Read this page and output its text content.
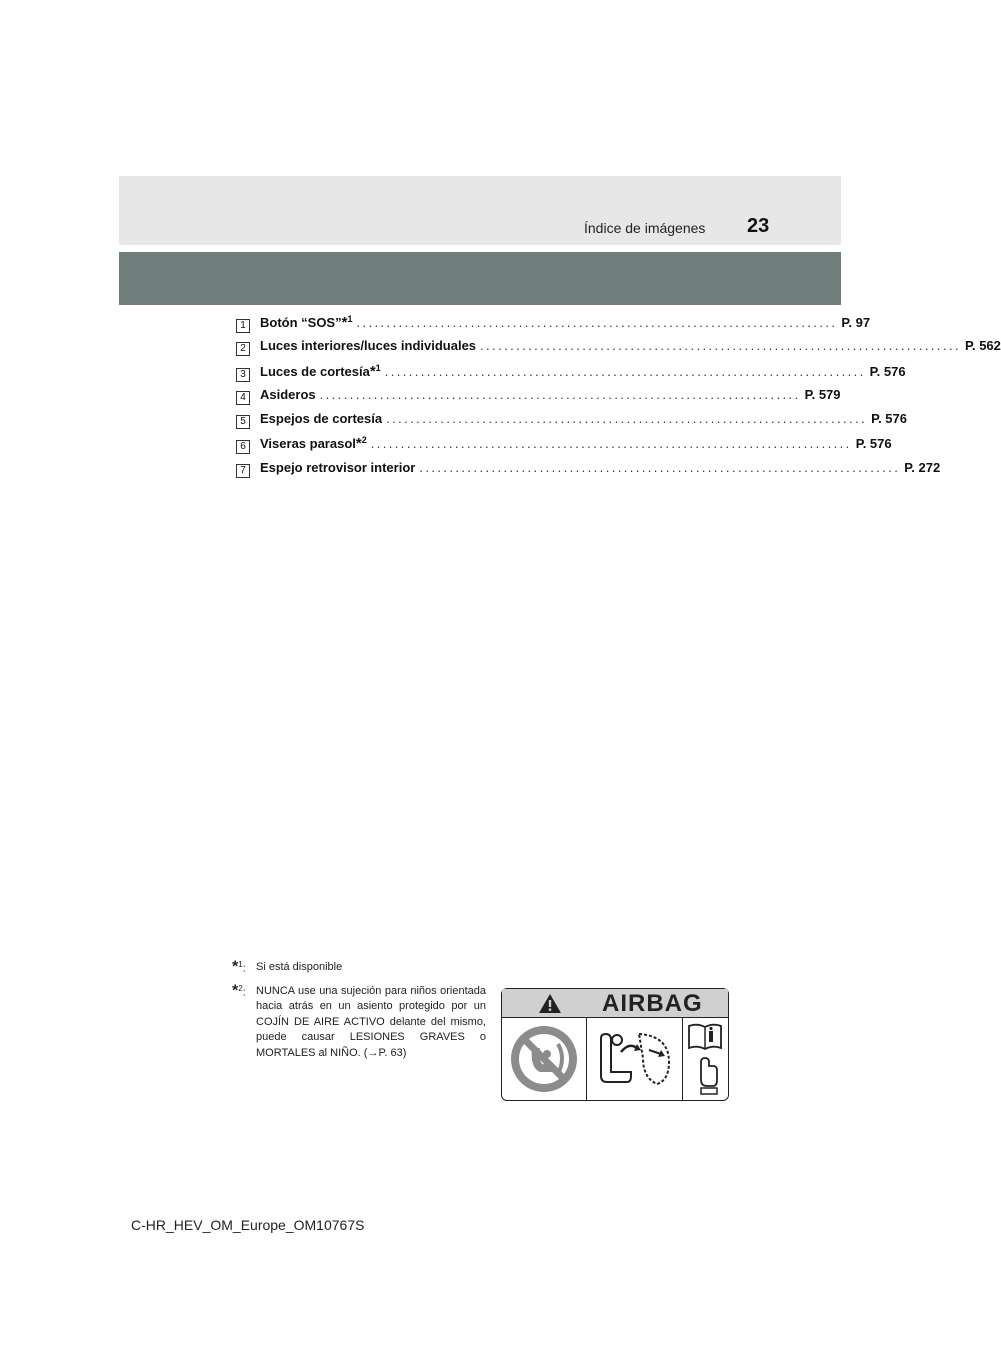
Índice de imágenes 23
1	Botón “SOS”*$^1$ ................................................................................ P. 97
2	Luces interiores/luces individuales ................................................................................ P. 562
3	Luces de cortesía*$^1$ ................................................................................ P. 576
4	Asideros ................................................................................ P. 579
5	Espejos de cortesía ................................................................................ P. 576
6	Viseras parasol*$^2$ ................................................................................ P. 576
7	Espejo retrovisor interior ................................................................................ P. 272
*$^1$: Si está disponible
*$^2$: NUNCA use una sujeción para niños orientada hacia atrás en un asiento protegido por un COJÍN DE AIRE ACTIVO delante del mismo, puede causar LESIONES GRAVES o MORTALES al NIÑO. (→P. 63)
AIRBAG
C-HR_HEV_OM_Europe_OM10767S
